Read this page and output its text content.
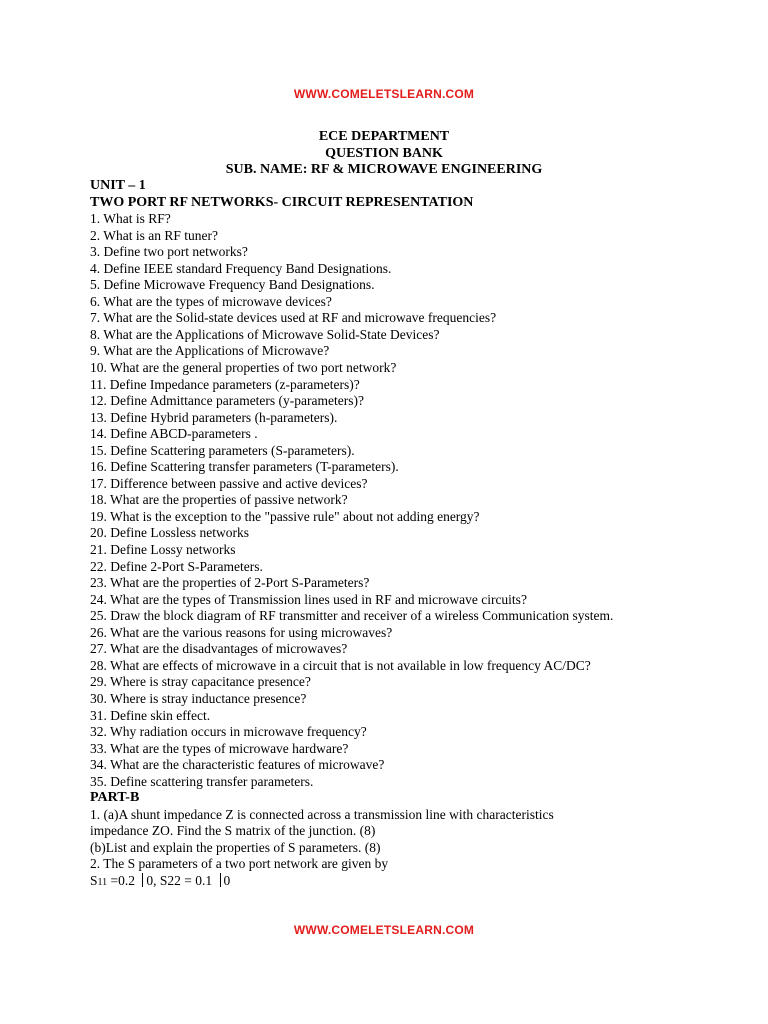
WWW.COMELETSLEARN.COM
ECE DEPARTMENT
QUESTION BANK
SUB. NAME: RF & MICROWAVE ENGINEERING
UNIT – 1
TWO PORT RF NETWORKS- CIRCUIT REPRESENTATION
1. What is RF?
2. What is an RF tuner?
3. Define two port networks?
4. Define IEEE standard Frequency Band Designations.
5. Define Microwave Frequency Band Designations.
6. What are the types of microwave devices?
7. What are the Solid-state devices used at RF and microwave frequencies?
8. What are the Applications of Microwave Solid-State Devices?
9. What are the Applications of Microwave?
10. What are the general properties of two port network?
11. Define Impedance parameters (z-parameters)?
12. Define Admittance parameters (y-parameters)?
13. Define Hybrid parameters (h-parameters).
14. Define ABCD-parameters .
15. Define Scattering parameters (S-parameters).
16. Define Scattering transfer parameters (T-parameters).
17. Difference between passive and active devices?
18. What are the properties of passive network?
19. What is the exception to the "passive rule" about not adding energy?
20. Define Lossless networks
21. Define Lossy networks
22. Define 2-Port S-Parameters.
23. What are the properties of 2-Port S-Parameters?
24. What are the types of Transmission lines used in RF and microwave circuits?
25. Draw the block diagram of RF transmitter and receiver of a wireless Communication system.
26. What are the various reasons for using microwaves?
27. What are the disadvantages of microwaves?
28. What are effects of microwave in a circuit that is not available in low frequency AC/DC?
29. Where is stray capacitance presence?
30. Where is stray inductance presence?
31. Define skin effect.
32. Why radiation occurs in microwave frequency?
33. What are the types of microwave hardware?
34. What are the characteristic features of microwave?
35. Define scattering transfer parameters.
PART-B
1. (a)A shunt impedance Z is connected across a transmission line with characteristics
impedance ZO. Find the S matrix of the junction. (8)
(b)List and explain the properties of S parameters. (8)
2. The S parameters of a two port network are given by
S11 =0.2 0, S22 = 0.1 0
WWW.COMELETSLEARN.COM
